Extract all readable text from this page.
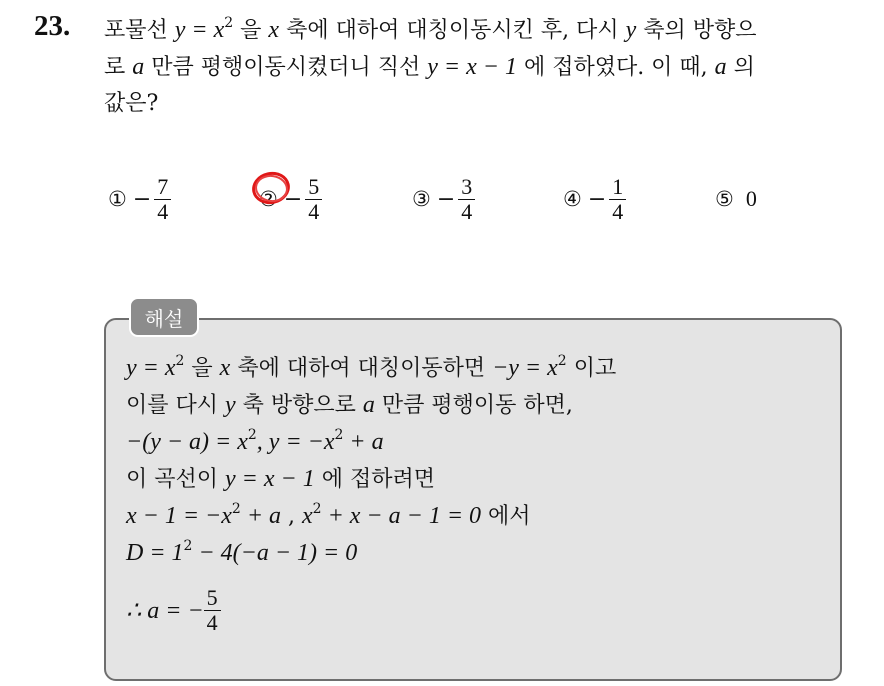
23. 포물선 $y = x^2$ 을 x 축에 대하여 대칭이동시킨 후, 다시 y 축의 방향으
로 a 만큼 평행이동시켰더니 직선 y = x − 1 에 접하였다. 이 때, a 의
값은?
① − $\frac{7}{4}$	② − $\frac{5}{4}$	③ − $\frac{3}{4}$	④ − $\frac{1}{4}$	⑤ 0
해설
$y = x^2$ 을 x 축에 대하여 대칭이동하면 $-y = x^2$ 이고
이를 다시 y 축 방향으로 a 만큼 평행이동 하면,
$-(y - a) = x^2$, $y = -x^2 + a$
이 곡선이 y = x − 1 에 접하려면
$x - 1 = -x^2 + a$ , $x^2 + x - a - 1 = 0$ 에서
$D = 1^2 - 4(-a - 1) = 0$
∴ a = − $\frac{5}{4}$
